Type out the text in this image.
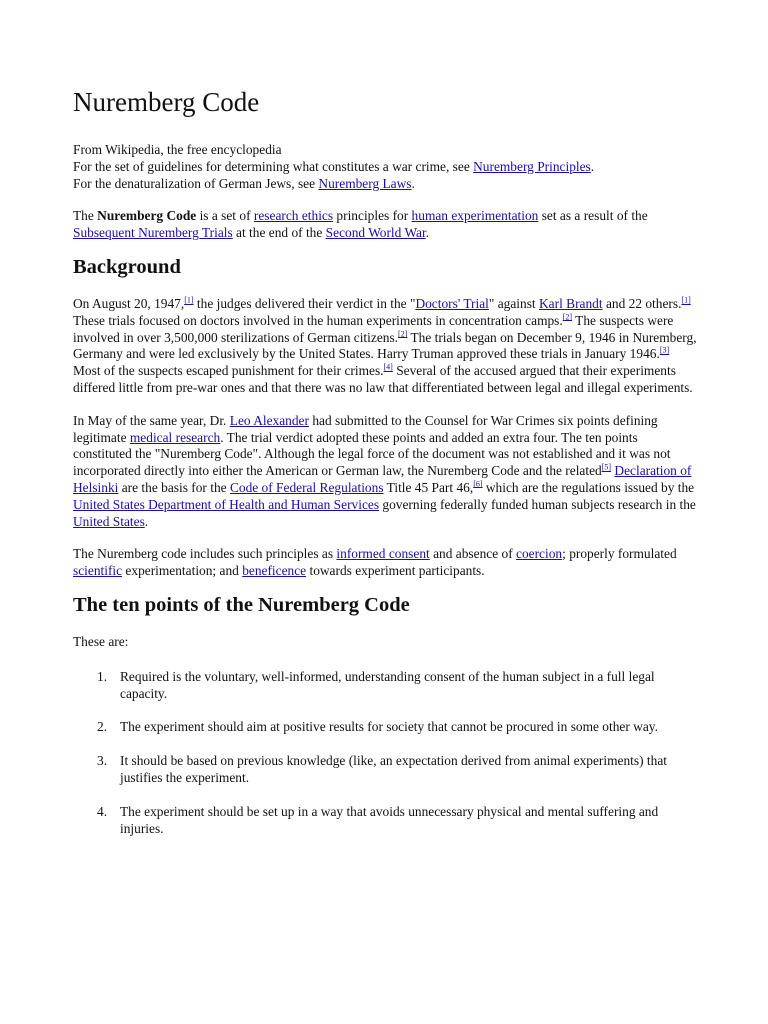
Nuremberg Code

From Wikipedia, the free encyclopedia

For the set of guidelines for determining what constitutes a war crime, see Nuremberg Principles.

For the denaturalization of German Jews, see Nuremberg Laws.

The Nuremberg Code is a set of research ethics principles for human experimentation set as a result of the Subsequent Nuremberg Trials at the end of the Second World War.

Background

On August 20, 1947,[1] the judges delivered their verdict in the "Doctors' Trial" against Karl Brandt and 22 others.[1] These trials focused on doctors involved in the human experiments in concentration camps.[2] The suspects were involved in over 3,500,000 sterilizations of German citizens.[2] The trials began on December 9, 1946 in Nuremberg, Germany and were led exclusively by the United States. Harry Truman approved these trials in January 1946.[3] Most of the suspects escaped punishment for their crimes.[4] Several of the accused argued that their experiments differed little from pre-war ones and that there was no law that differentiated between legal and illegal experiments.

In May of the same year, Dr. Leo Alexander had submitted to the Counsel for War Crimes six points defining legitimate medical research. The trial verdict adopted these points and added an extra four. The ten points constituted the "Nuremberg Code". Although the legal force of the document was not established and it was not incorporated directly into either the American or German law, the Nuremberg Code and the related[5] Declaration of Helsinki are the basis for the Code of Federal Regulations Title 45 Part 46,[6] which are the regulations issued by the United States Department of Health and Human Services governing federally funded human subjects research in the United States.

The Nuremberg code includes such principles as informed consent and absence of coercion; properly formulated scientific experimentation; and beneficence towards experiment participants.

The ten points of the Nuremberg Code

These are:

1. Required is the voluntary, well-informed, understanding consent of the human subject in a full legal capacity.
2. The experiment should aim at positive results for society that cannot be procured in some other way.
3. It should be based on previous knowledge (like, an expectation derived from animal experiments) that justifies the experiment.
4. The experiment should be set up in a way that avoids unnecessary physical and mental suffering and injuries.
